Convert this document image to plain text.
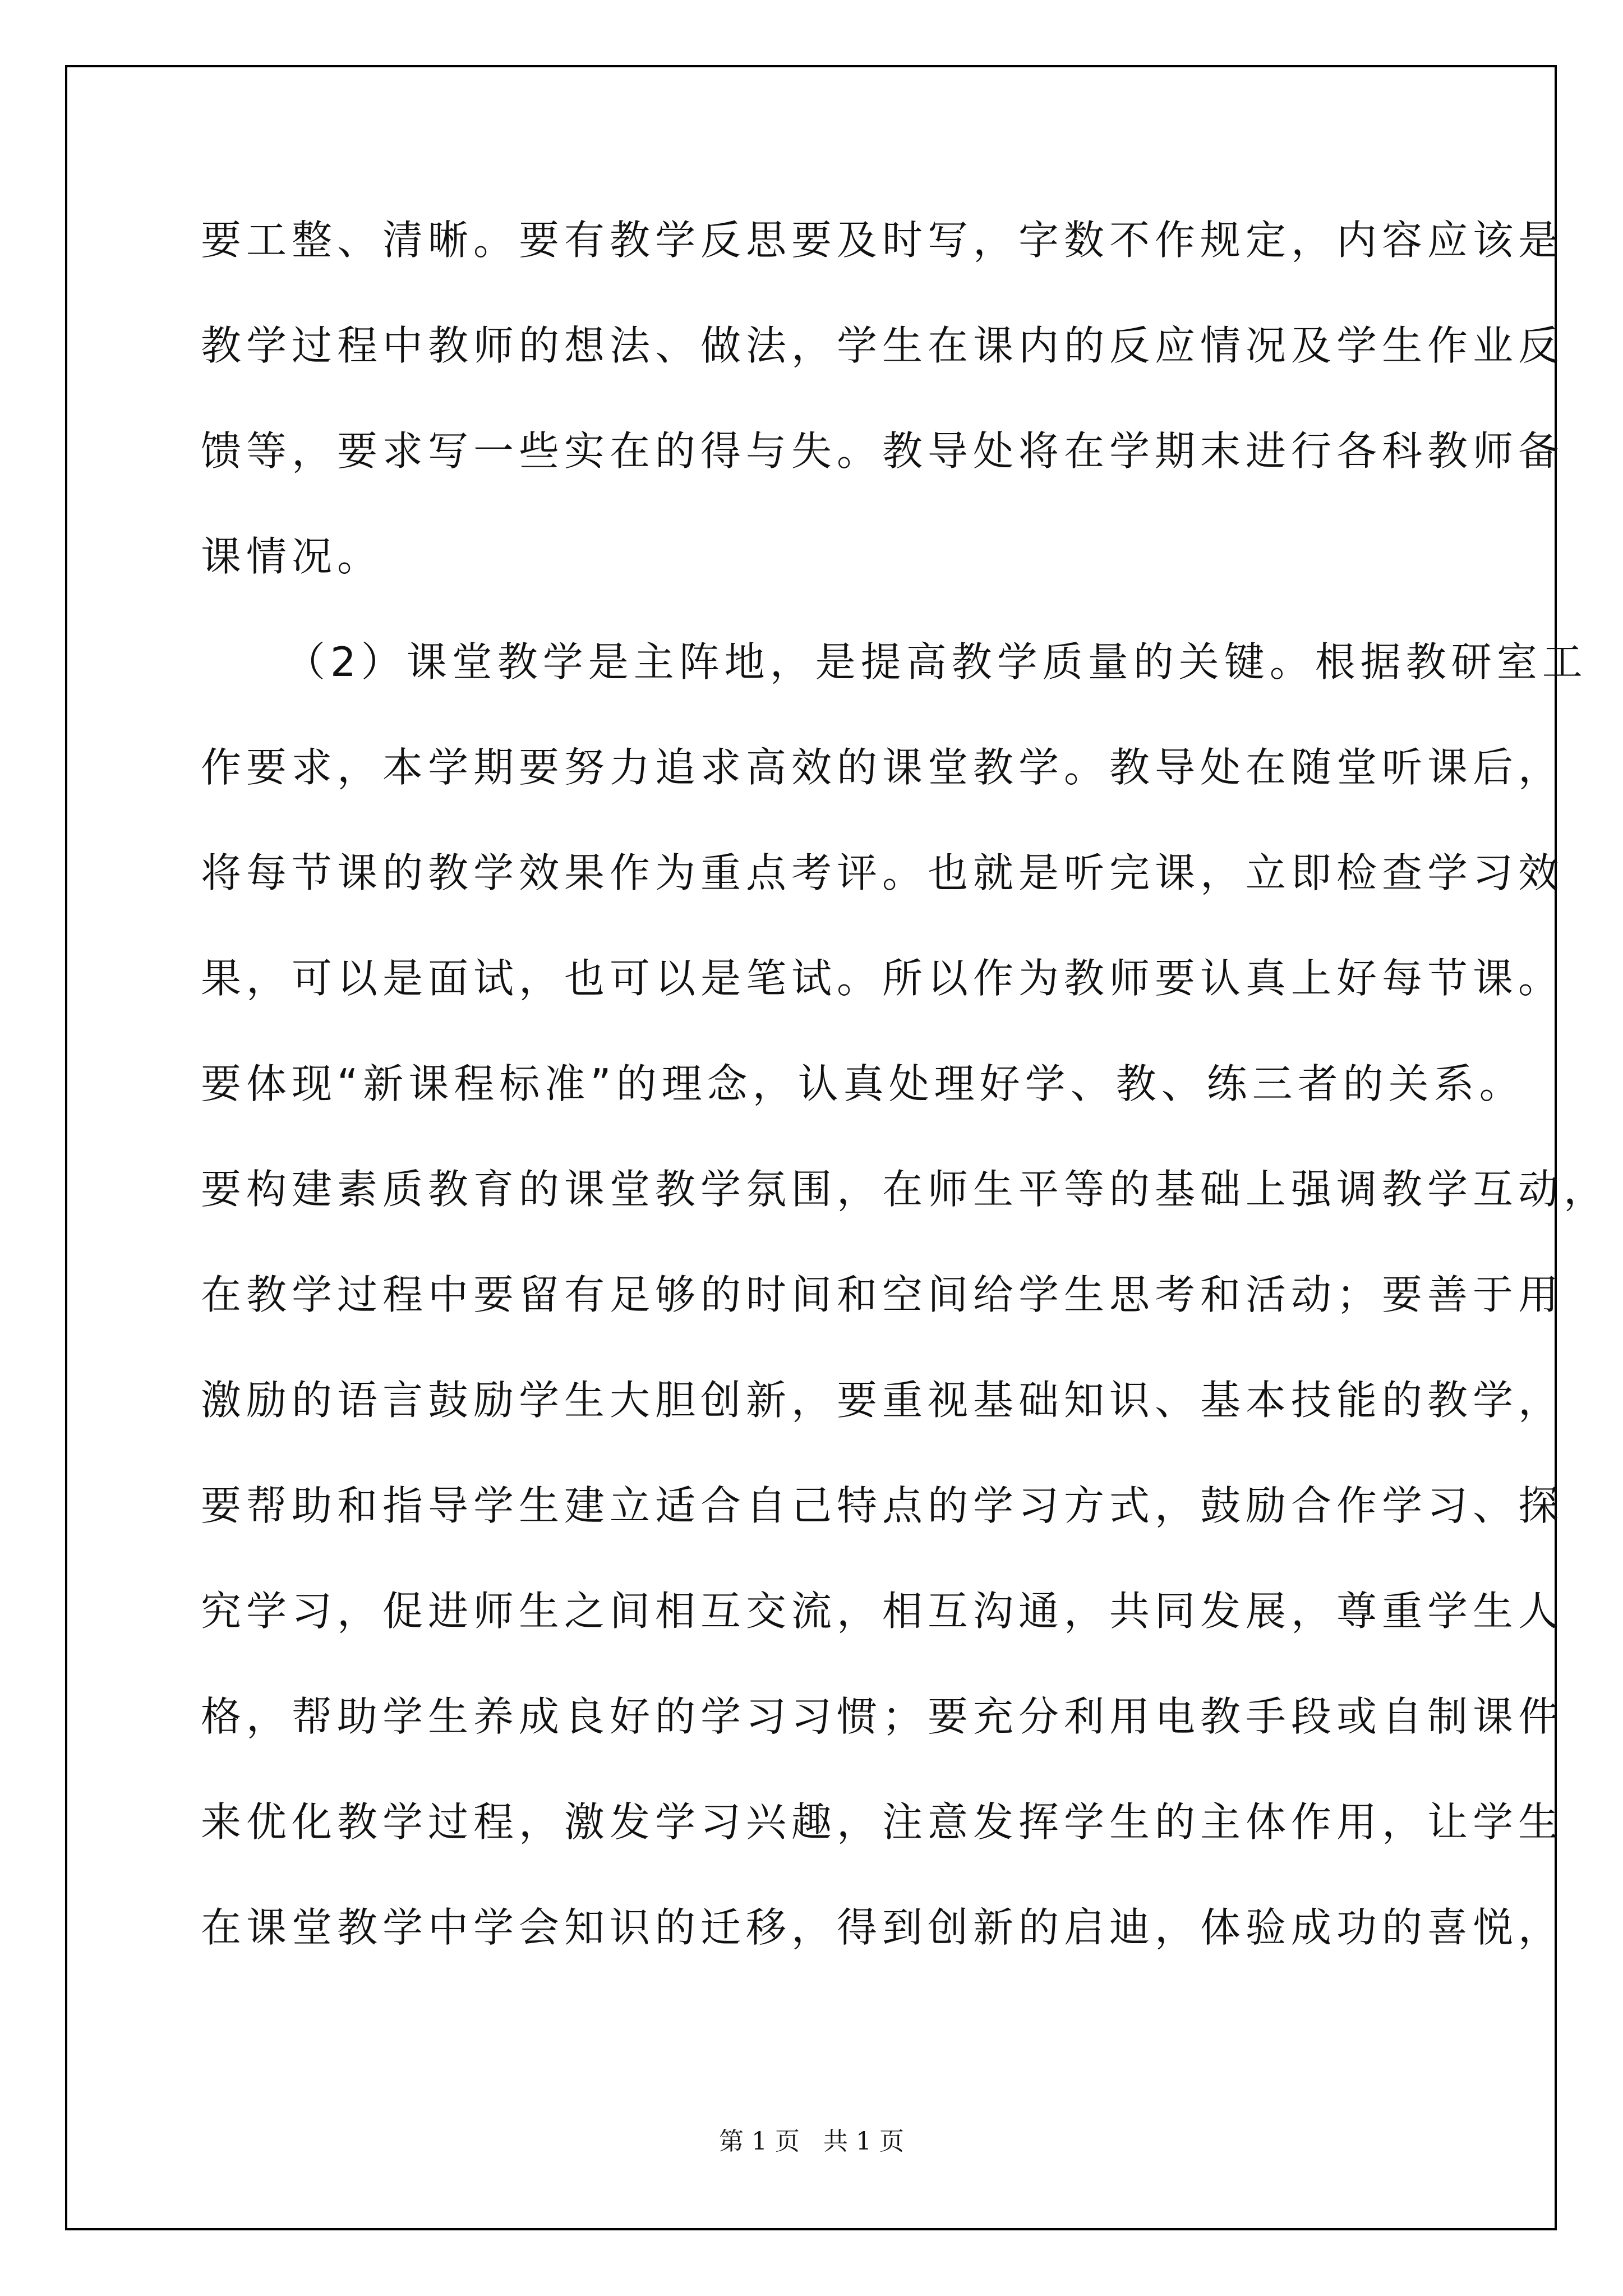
要工整、清晰。要有教学反思要及时写，字数不作规定，内容应该是

教学过程中教师的想法、做法，学生在课内的反应情况及学生作业反

馈等，要求写一些实在的得与失。教导处将在学期末进行各科教师备

课情况。

（2）课堂教学是主阵地，是提高教学质量的关键。根据教研室工

作要求，本学期要努力追求高效的课堂教学。教导处在随堂听课后，

将每节课的教学效果作为重点考评。也就是听完课，立即检查学习效

果，可以是面试，也可以是笔试。所以作为教师要认真上好每节课。

要体现“新课程标准”的理念，认真处理好学、教、练三者的关系。

要构建素质教育的课堂教学氛围，在师生平等的基础上强调教学互动，

在教学过程中要留有足够的时间和空间给学生思考和活动；要善于用

激励的语言鼓励学生大胆创新，要重视基础知识、基本技能的教学，

要帮助和指导学生建立适合自己特点的学习方式，鼓励合作学习、探

究学习，促进师生之间相互交流，相互沟通，共同发展，尊重学生人

格，帮助学生养成良好的学习习惯；要充分利用电教手段或自制课件

来优化教学过程，激发学习兴趣，注意发挥学生的主体作用，让学生

在课堂教学中学会知识的迁移，得到创新的启迪，体验成功的喜悦，

第 1 页   共 1 页
